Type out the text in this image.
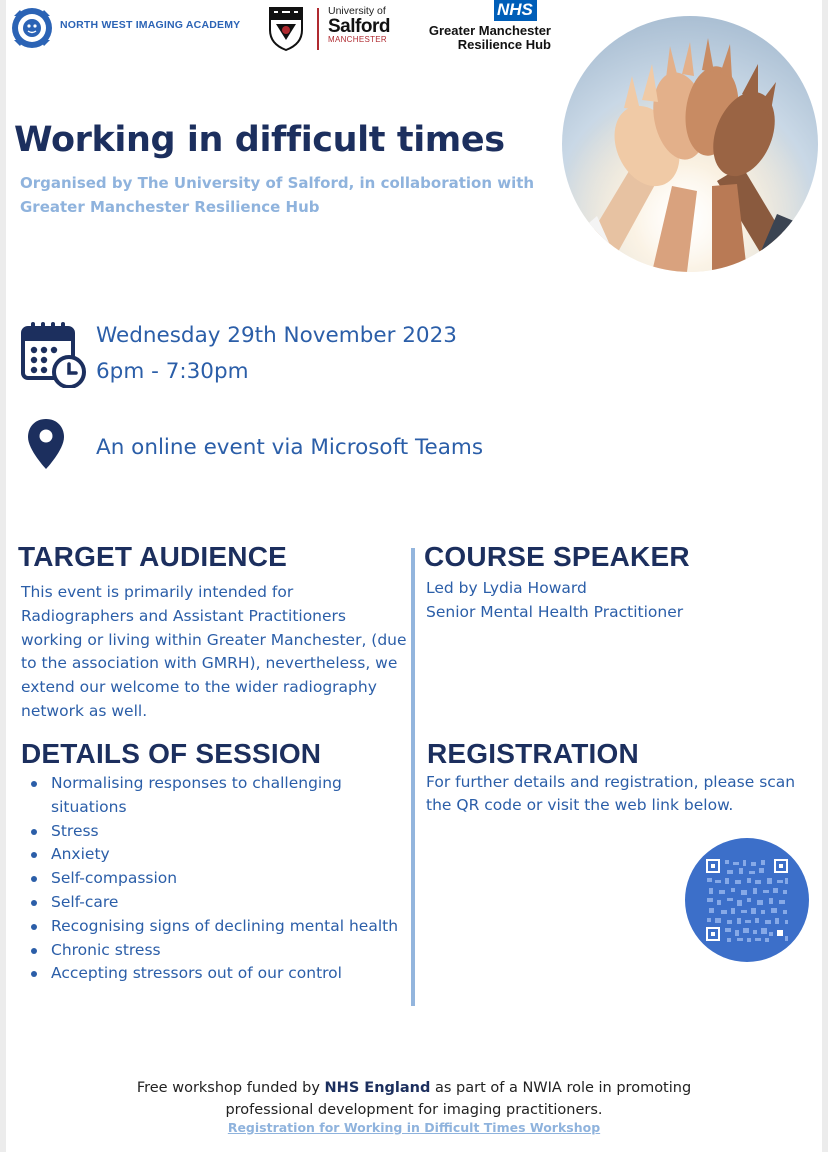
NORTH WEST IMAGING ACADEMY
University of
Salford
MANCHESTER
NHS
Greater Manchester
Resilience Hub
Working in difficult times
Organised by The University of Salford, in collaboration with Greater Manchester Resilience Hub
Wednesday 29th November 2023
6pm - 7:30pm
An online event via Microsoft Teams
TARGET AUDIENCE
This event is primarily intended for Radiographers and Assistant Practitioners working or living within Greater Manchester, (due to the association with GMRH), nevertheless, we extend our welcome to the wider radiography network as well.
COURSE SPEAKER
Led by Lydia Howard
Senior Mental Health Practitioner
DETAILS OF SESSION
Normalising responses to challenging situations
Stress
Anxiety
Self-compassion
Self-care
Recognising signs of declining mental health
Chronic stress
Accepting stressors out of our control
REGISTRATION
For further details and registration, please scan the QR code or visit the web link below.
Free workshop funded by NHS England as part of a NWIA role in promoting
professional development for imaging practitioners.
Registration for Working in Difficult Times Workshop
